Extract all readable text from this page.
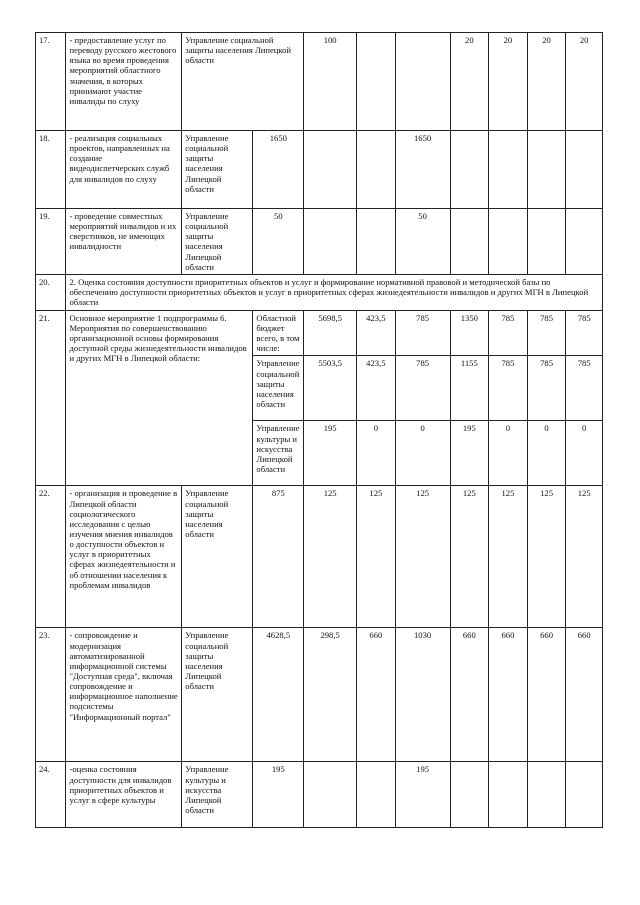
17.	- предоставление услуг по переводу русского жестового языка во время проведения мероприятий областного значения, в которых принимают участие инвалиды по слуху	Управление социальной защиты населения Липецкой области		100			20	20	20	20
18.	- реализация социальных проектов, направленных на создание видеодиспетчерских служб для инвалидов по слуху	Управление социальной защиты населения Липецкой области	1650			1650				
19.	- проведение совместных мероприятий инвалидов и их сверстников, не имеющих инвалидности	Управление социальной защиты населения Липецкой области	50			50				
20.	2. Оценка состояния доступности приоритетных объектов и услуг и формирование нормативной правовой и методической базы по обеспечению доступности приоритетных объектов и услуг в приоритетных сферах жизнедеятельности инвалидов и других МГН в Липецкой области									
21.	Основное мероприятие 1 подпрограммы 6. Мероприятия по совершенствованию организационной основы формирования доступной среды жизнедеятельности инвалидов и других МГН в Липецкой области:		Областной бюджет всего, в том числе:	5698,5	423,5	785	1350	785	785	785
			Управление социальной защиты населения области	5503,5	423,5	785	1155	785	785	785
			Управление культуры и искусства Липецкой области	195	0	0	195	0	0	0
22.	- организация и проведение в Липецкой области социологического исследования с целью изучения мнения инвалидов о доступности объектов и услуг в приоритетных сферах жизнедеятельности и об отношении населения к проблемам инвалидов	Управление социальной защиты населения области	875	125	125	125	125	125	125	125
23.	- сопровождение и модернизация автоматизированной информационной системы "Доступная среда", включая сопровождение и информационное наполнение подсистемы "Информационный портал"	Управление социальной защиты населения Липецкой области	4628,5	298,5	660	1030	660	660	660	660
24.	-оценка состояния доступности для инвалидов приоритетных объектов и услуг в сфере культуры	Управление культуры и искусства Липецкой области	195			195				
